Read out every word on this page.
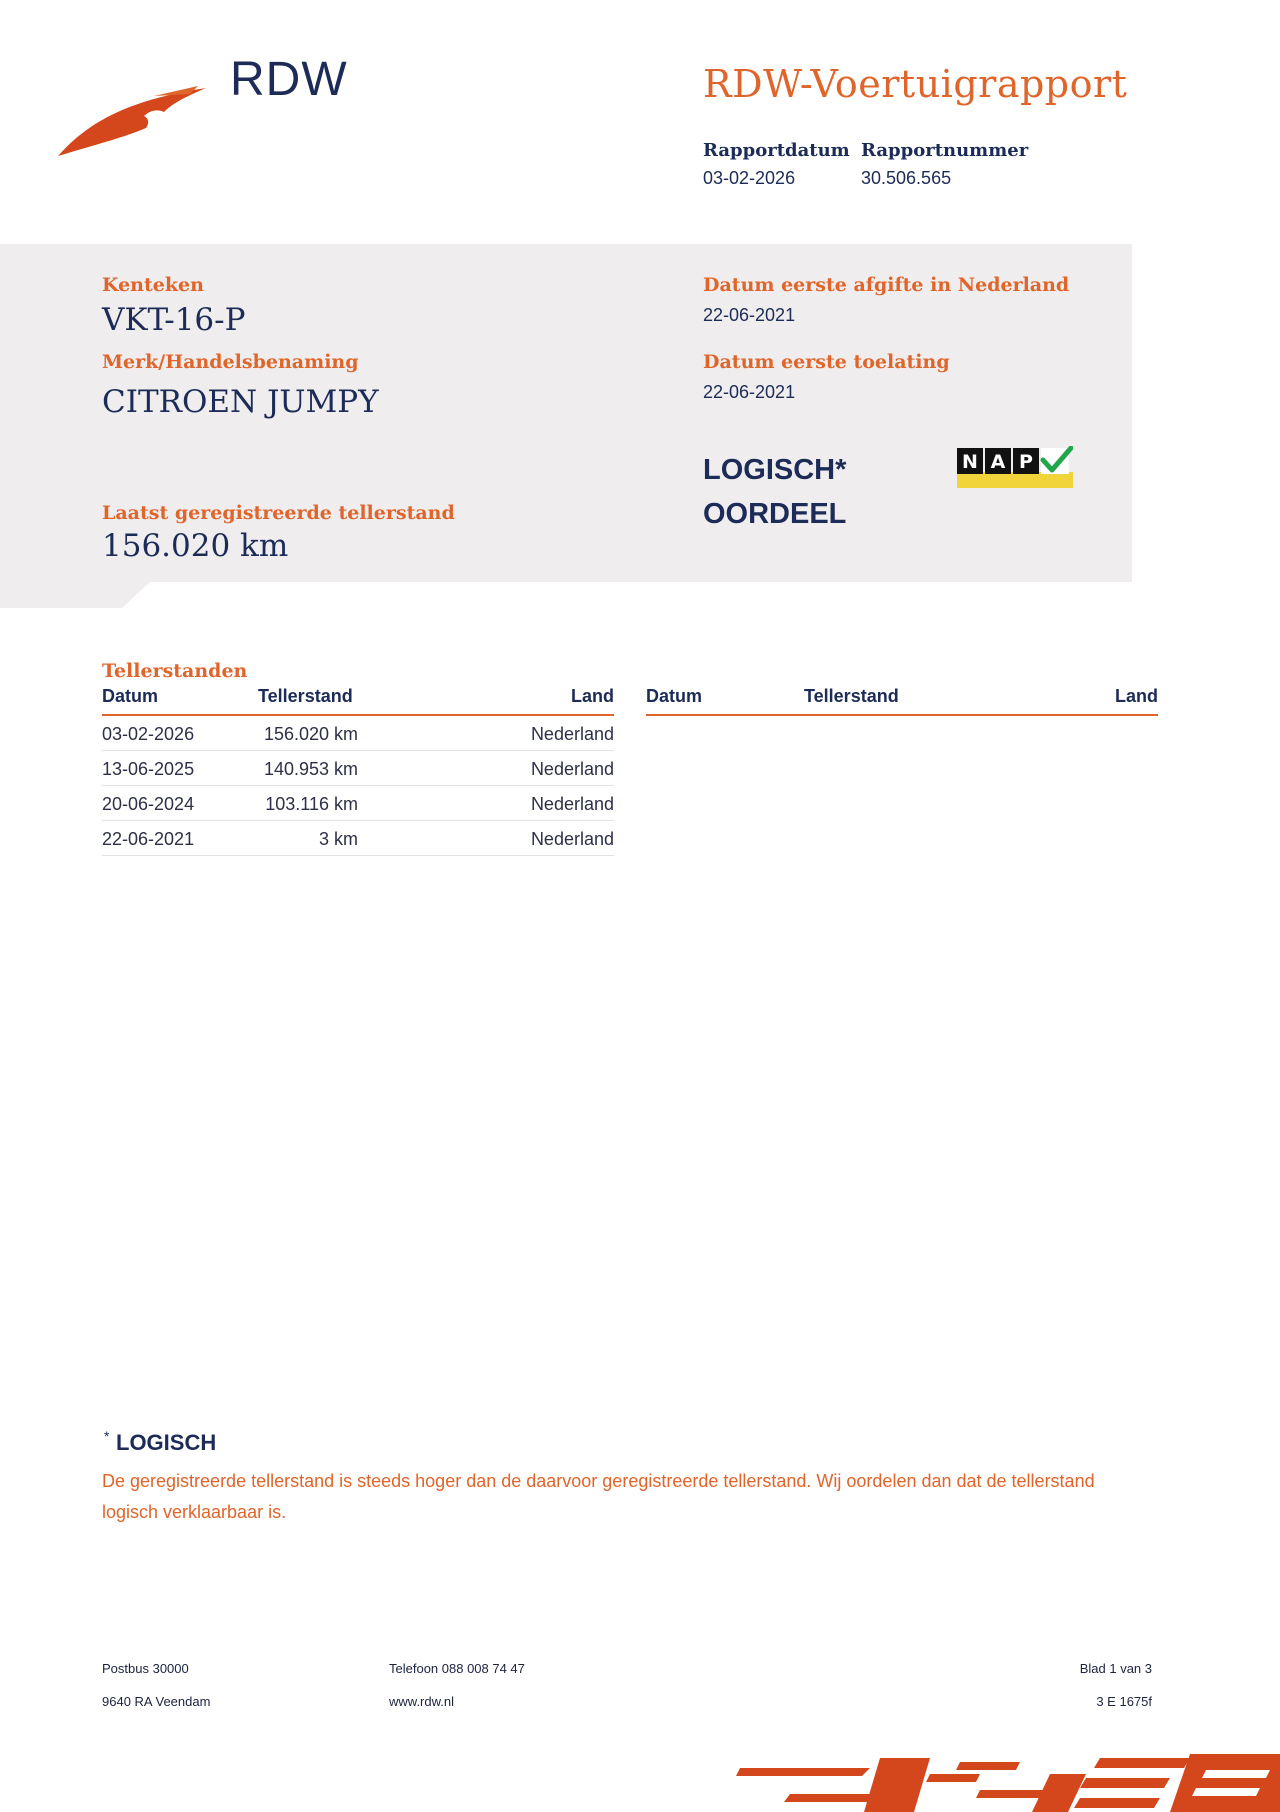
RDW	RDW-Voertuigrapport
Rapportdatum
03-02-2026
Rapportnummer
30.506.565
Kenteken
VKT-16-P
Merk/Handelsbenaming
CITROEN JUMPY
Laatst geregistreerde tellerstand
156.020 km
Datum eerste afgifte in Nederland
22-06-2021
Datum eerste toelating
22-06-2021
LOGISCH*
OORDEEL
N A P
Tellerstanden
Datum	Tellerstand	Land
03-02-2026	156.020 km	Nederland
13-06-2025	140.953 km	Nederland
20-06-2024	103.116 km	Nederland
22-06-2021	3 km	Nederland
Datum	Tellerstand	Land
* LOGISCH
De geregistreerde tellerstand is steeds hoger dan de daarvoor geregistreerde tellerstand. Wij oordelen dan dat de tellerstand logisch verklaarbaar is.
Postbus 30000
9640 RA Veendam
Telefoon 088 008 74 47
www.rdw.nl
Blad 1 van 3
3 E 1675f
